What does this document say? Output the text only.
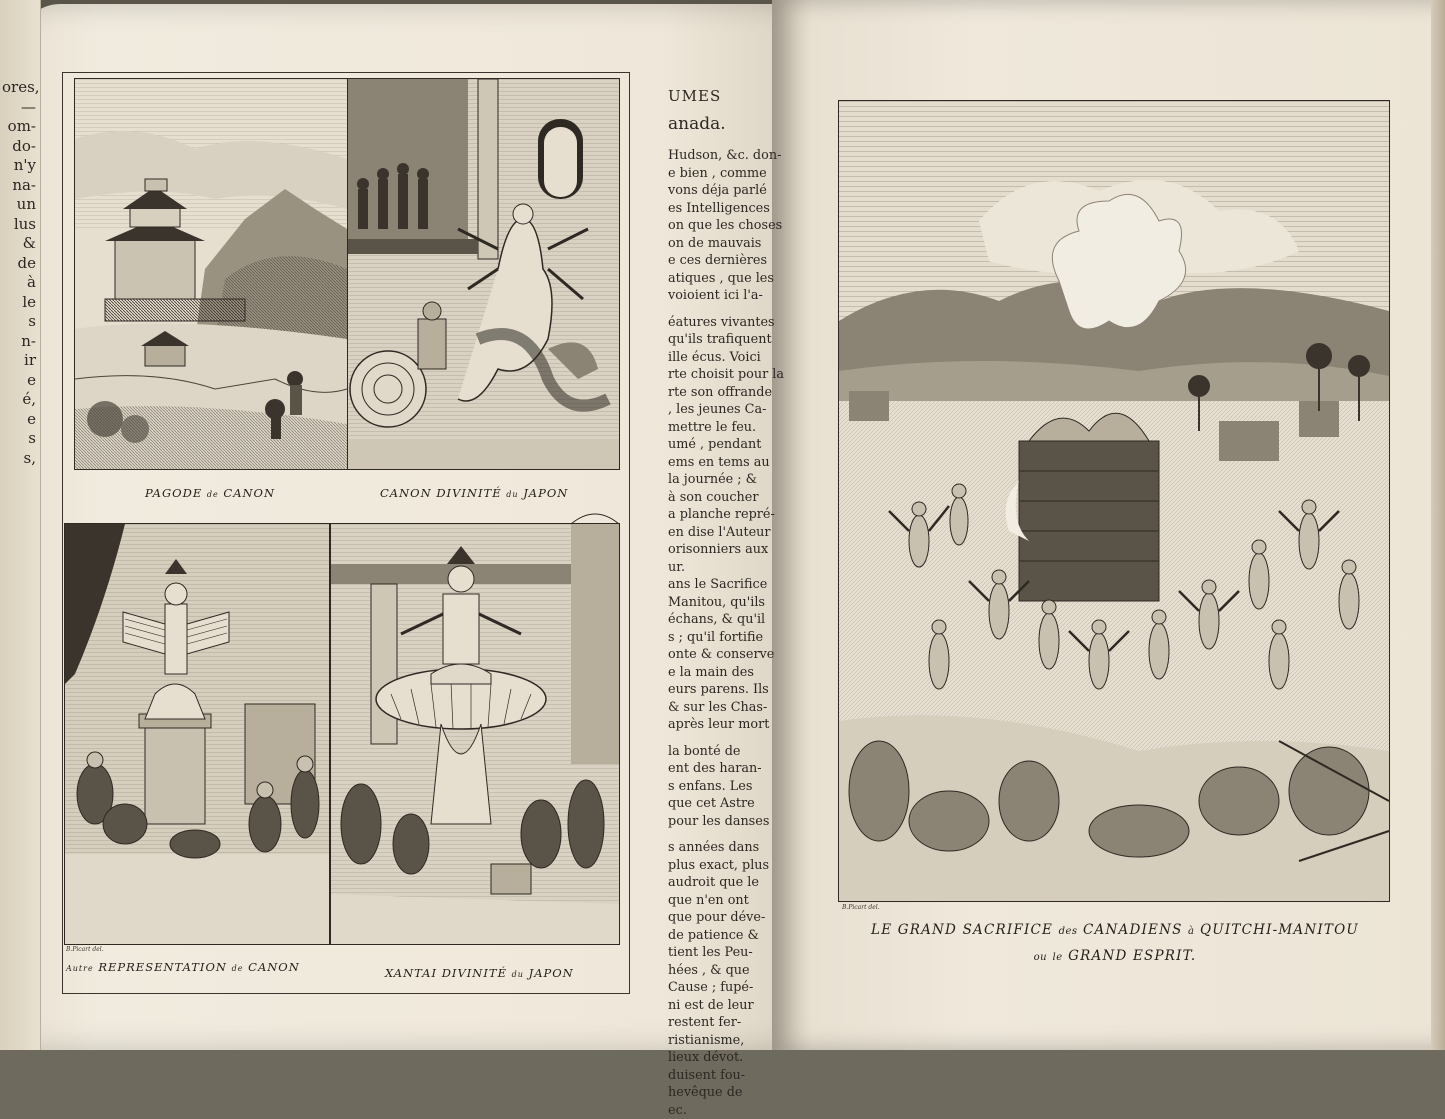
ores,
—
om-
do-
n'y
na-
un
lus
&
de
à
le
s
n-
ir
e
é,
e
s
s,
PAGODE de CANON	CANON DIVINITÉ du JAPON
B.Picart del.
Autre REPRESENTATION de CANON	XANTAI DIVINITÉ du JAPON
UMES
anada.
Hudson, &c. don-
e bien , comme
vons déja parlé
es Intelligences
on que les choses
on de mauvais
e ces dernières
atiques , que les
voioient ici l'a-
éatures vivantes
qu'ils trafiquent
ille écus. Voici
rte choisit pour la
rte son offrande
, les jeunes Ca-
mettre le feu.
umé , pendant
ems en tems au
la journée ; &
à son coucher
a planche repré-
en dise l'Auteur
orisonniers aux
ur.
ans le Sacrifice
Manitou, qu'ils
échans, & qu'il
s ; qu'il fortifie
onte & conserve
e la main des
eurs parens. Ils
& sur les Chas-
après leur mort
la bonté de
ent des haran-
s enfans. Les
que cet Astre
pour les danses
s années dans
plus exact, plus
audroit que le
que n'en ont
que pour déve-
de patience &
tient les Peu-
hées , & que
Cause ; fupé-
ni est de leur
restent fer-
ristianisme,
lieux dévot.
duisent fou-
hevêque de
ec.
B.Picart del.
LE GRAND SACRIFICE des CANADIENS à QUITCHI-MANITOU
ou le GRAND ESPRIT.
